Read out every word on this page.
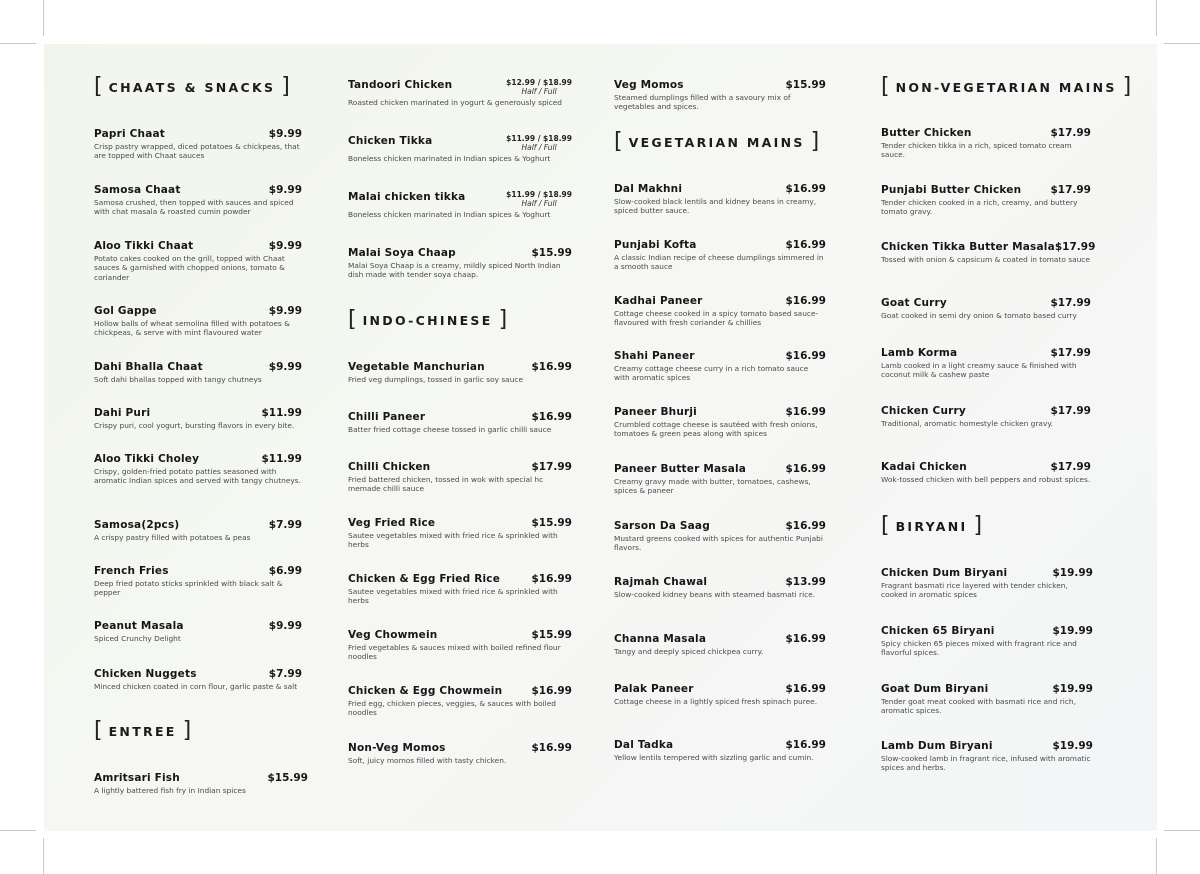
[ CHAATS & SNACKS ]
Papri Chaat	$9.99
Crisp pastry wrapped, diced potatoes & chickpeas, that are topped with Chaat sauces
Samosa Chaat	$9.99
Samosa crushed, then topped with sauces and spiced with chat masala & roasted cumin powder
Aloo Tikki Chaat	$9.99
Potato cakes cooked on the grill, topped with Chaat sauces & garnished with chopped onions, tomato & coriander
Gol Gappe	$9.99
Hollow balls of wheat semolina filled with potatoes & chickpeas, & serve with mint flavoured water
Dahi Bhalla Chaat	$9.99
Soft dahi bhallas topped with tangy chutneys
Dahi Puri	$11.99
Crispy puri, cool yogurt, bursting flavors in every bite.
Aloo Tikki Choley	$11.99
Crispy, golden-fried potato patties seasoned with aromatic Indian spices and served with tangy chutneys.
Samosa(2pcs)	$7.99
A crispy pastry filled with potatoes & peas
French Fries	$6.99
Deep fried potato sticks sprinkled with black salt & pepper
Peanut Masala	$9.99
Spiced Crunchy Delight
Chicken Nuggets	$7.99
Minced chicken coated in corn flour, garlic paste & salt
[ ENTREE ]
Amritsari Fish	$15.99
A lightly battered fish fry in Indian spices
Tandoori Chicken	$12.99 / $18.99
Half / Full
Roasted chicken marinated in yogurt & generously spiced
Chicken Tikka	$11.99 / $18.99
Half / Full
Boneless chicken marinated in Indian spices & Yoghurt
Malai chicken tikka	$11.99 / $18.99
Half / Full
Boneless chicken marinated in Indian spices & Yoghurt
Malai Soya Chaap	$15.99
Malai Soya Chaap is a creamy, mildly spiced North Indian dish made with tender soya chaap.
[ INDO-CHINESE ]
Vegetable Manchurian	$16.99
Fried veg dumplings, tossed in garlic soy sauce
Chilli Paneer	$16.99
Batter fried cottage cheese tossed in garlic chilli sauce
Chilli Chicken	$17.99
Fried battered chicken, tossed in wok with special hc memade chilli sauce
Veg Fried Rice	$15.99
Sautee vegetables mixed with fried rice & sprinkled with herbs
Chicken & Egg Fried Rice	$16.99
Sautee vegetables mixed with fried rice & sprinkled with herbs
Veg Chowmein	$15.99
Fried vegetables & sauces mixed with boiled refined flour noodles
Chicken & Egg Chowmein	$16.99
Fried egg, chicken pieces, veggies, & sauces with boiled noodles
Non-Veg Momos	$16.99
Soft, juicy momos filled with tasty chicken.
Veg Momos	$15.99
Steamed dumplings filled with a savoury mix of vegetables and spices.
[ VEGETARIAN MAINS ]
Dal Makhni	$16.99
Slow-cooked black lentils and kidney beans in creamy, spiced butter sauce.
Punjabi Kofta	$16.99
A classic Indian recipe of cheese dumplings simmered in a smooth sauce
Kadhai Paneer	$16.99
Cottage cheese cooked in a spicy tomato based sauce-flavoured with fresh coriander & chillies
Shahi Paneer	$16.99
Creamy cottage cheese curry in a rich tomato sauce with aromatic spices
Paneer Bhurji	$16.99
Crumbled cottage cheese is sautéed with fresh onions, tomatoes & green peas along with spices
Paneer Butter Masala	$16.99
Creamy gravy made with butter, tomatoes, cashews, spices & paneer
Sarson Da Saag	$16.99
Mustard greens cooked with spices for authentic Punjabi flavors.
Rajmah Chawal	$13.99
Slow-cooked kidney beans with steamed basmati rice.
Channa Masala	$16.99
Tangy and deeply spiced chickpea curry.
Palak Paneer	$16.99
Cottage cheese in a lightly spiced fresh spinach puree.
Dal Tadka	$16.99
Yellow lentils tempered with sizzling garlic and cumin.
[ NON-VEGETARIAN MAINS ]
Butter Chicken	$17.99
Tender chicken tikka in a rich, spiced tomato cream sauce.
Punjabi Butter Chicken	$17.99
Tender chicken cooked in a rich, creamy, and buttery tomato gravy.
Chicken Tikka Butter Masala $17.99
Tossed with onion & capsicum & coated in tomato sauce
Goat Curry	$17.99
Goat cooked in semi dry onion & tomato based curry
Lamb Korma	$17.99
Lamb cooked in a light creamy sauce & finished with coconut milk & cashew paste
Chicken Curry	$17.99
Traditional, aromatic homestyle chicken gravy.
Kadai Chicken	$17.99
Wok-tossed chicken with bell peppers and robust spices.
[ BIRYANI ]
Chicken Dum Biryani	$19.99
Fragrant basmati rice layered with tender chicken, cooked in aromatic spices
Chicken 65 Biryani	$19.99
Spicy chicken 65 pieces mixed with fragrant rice and flavorful spices.
Goat Dum Biryani	$19.99
Tender goat meat cooked with basmati rice and rich, aromatic spices.
Lamb Dum Biryani	$19.99
Slow-cooked lamb in fragrant rice, infused with aromatic spices and herbs.
